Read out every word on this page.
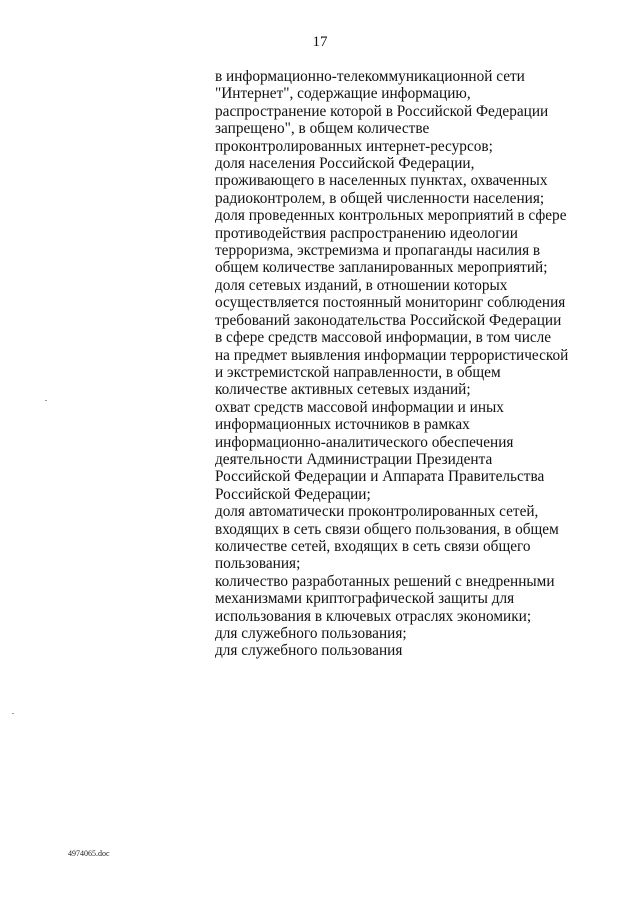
17
в информационно-телекоммуникационной сети
"Интернет", содержащие информацию,
распространение которой в Российской Федерации
запрещено", в общем количестве
проконтролированных интернет-ресурсов;
доля населения Российской Федерации,
проживающего в населенных пунктах, охваченных
радиоконтролем, в общей численности населения;
доля проведенных контрольных мероприятий в сфере
противодействия распространению идеологии
терроризма, экстремизма и пропаганды насилия в
общем количестве запланированных мероприятий;
доля сетевых изданий, в отношении которых
осуществляется постоянный мониторинг соблюдения
требований законодательства Российской Федерации
в сфере средств массовой информации, в том числе
на предмет выявления информации террористической
и экстремистской направленности, в общем
количестве активных сетевых изданий;
охват средств массовой информации и иных
информационных источников в рамках
информационно-аналитического обеспечения
деятельности Администрации Президента
Российской Федерации и Аппарата Правительства
Российской Федерации;
доля автоматически проконтролированных сетей,
входящих в сеть связи общего пользования, в общем
количестве сетей, входящих в сеть связи общего
пользования;
количество разработанных решений с внедренными
механизмами криптографической защиты для
использования в ключевых отраслях экономики;
для служебного пользования;
для служебного пользования
4974065.doc
